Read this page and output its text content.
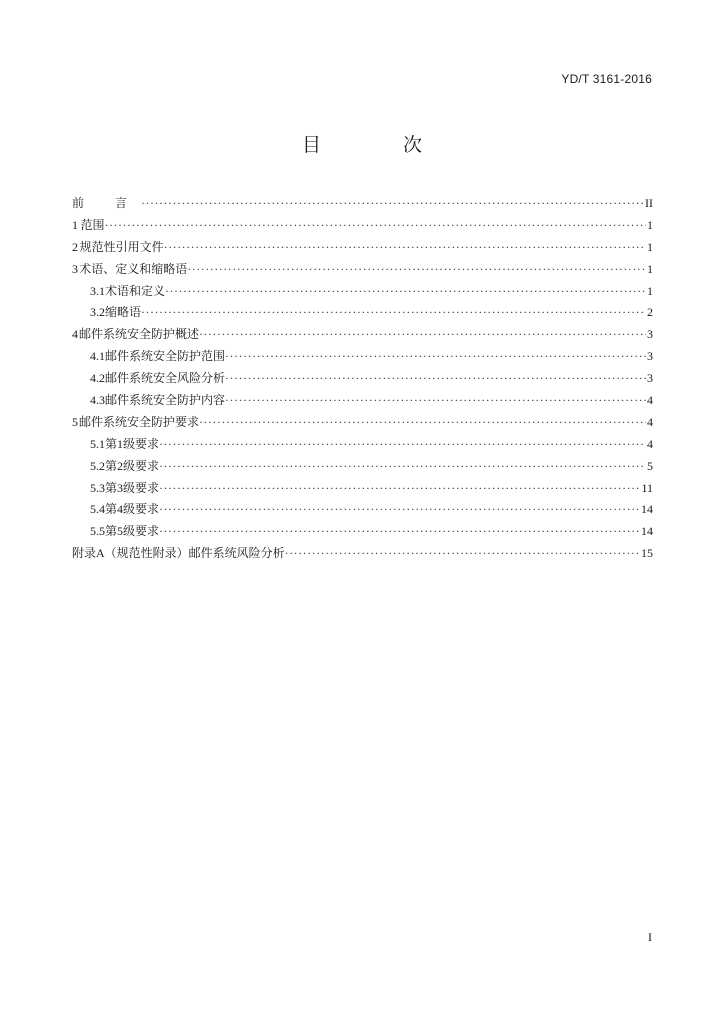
YD/T 3161-2016
目 次
前 言 ·····	II
1 范围 ·····	1
2 规范性引用文件 ·····	1
3 术语、定义和缩略语 ·····	1
3.1 术语和定义 ·····	1
3.2 缩略语 ·····	2
4 邮件系统安全防护概述 ·····	3
4.1 邮件系统安全防护范围 ·····	3
4.2 邮件系统安全风险分析 ·····	3
4.3 邮件系统安全防护内容 ·····	4
5 邮件系统安全防护要求 ·····	4
5.1 第1级要求 ·····	4
5.2 第2级要求 ·····	5
5.3 第3级要求 ·····	11
5.4 第4级要求 ·····	14
5.5 第5级要求 ·····	14
附录A（规范性附录）邮件系统风险分析 ·····	15
I
